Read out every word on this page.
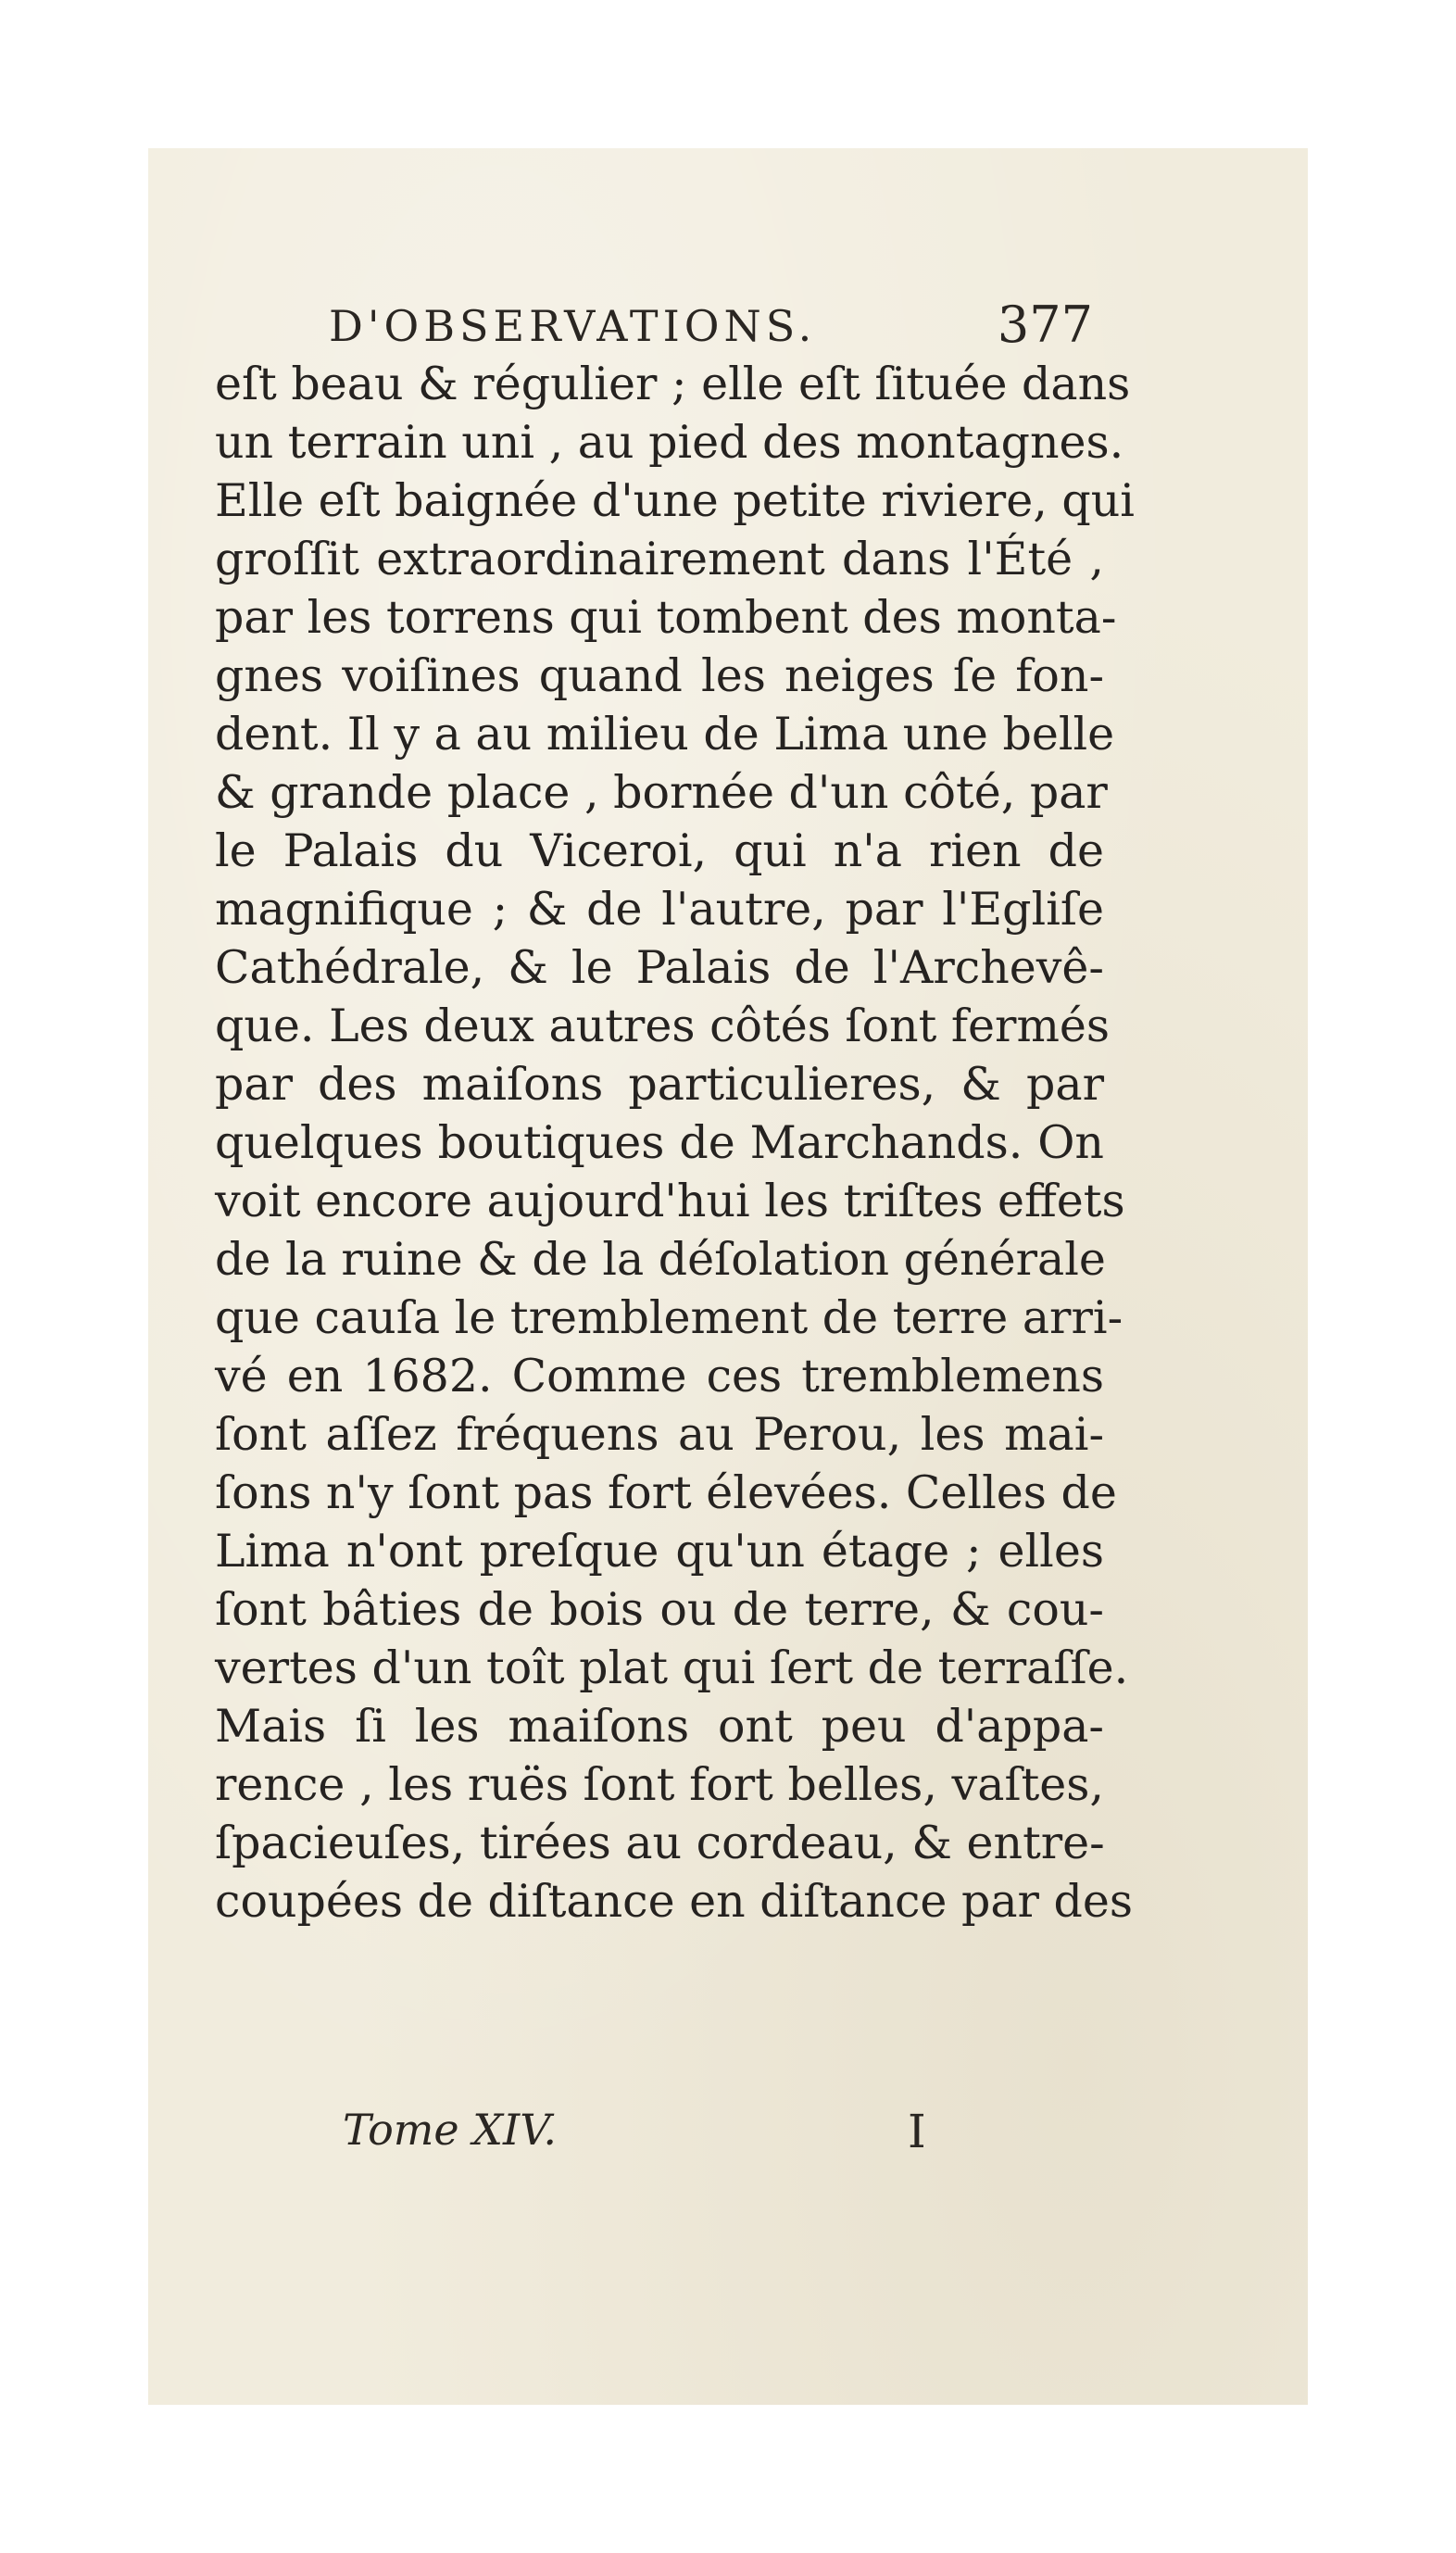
D'OBSERVATIONS.	377
eſt beau & régulier ; elle eſt ſituée dans
un terrain uni , au pied des montagnes.
Elle eſt baignée d'une petite riviere, qui
groſſit extraordinairement dans l'Été ,
par les torrens qui tombent des monta-
gnes voiſines quand les neiges ſe fon-
dent. Il y a au milieu de Lima une belle
& grande place , bornée d'un côté, par
le Palais du Viceroi, qui n'a rien de
magnifique ; & de l'autre, par l'Egliſe
Cathédrale, & le Palais de l'Archevê-
que. Les deux autres côtés ſont fermés
par des maiſons particulieres, & par
quelques boutiques de Marchands. On
voit encore aujourd'hui les triſtes effets
de la ruine & de la déſolation générale
que cauſa le tremblement de terre arri-
vé en 1682. Comme ces tremblemens
ſont aſſez fréquens au Perou, les mai-
ſons n'y ſont pas fort élevées. Celles de
Lima n'ont preſque qu'un étage ; elles
ſont bâties de bois ou de terre, & cou-
vertes d'un toît plat qui ſert de terraſſe.
Mais ſi les maiſons ont peu d'appa-
rence , les ruës ſont fort belles, vaſtes,
ſpacieuſes, tirées au cordeau, & entre-
coupées de diſtance en diſtance par des
Tome XIV.	I
